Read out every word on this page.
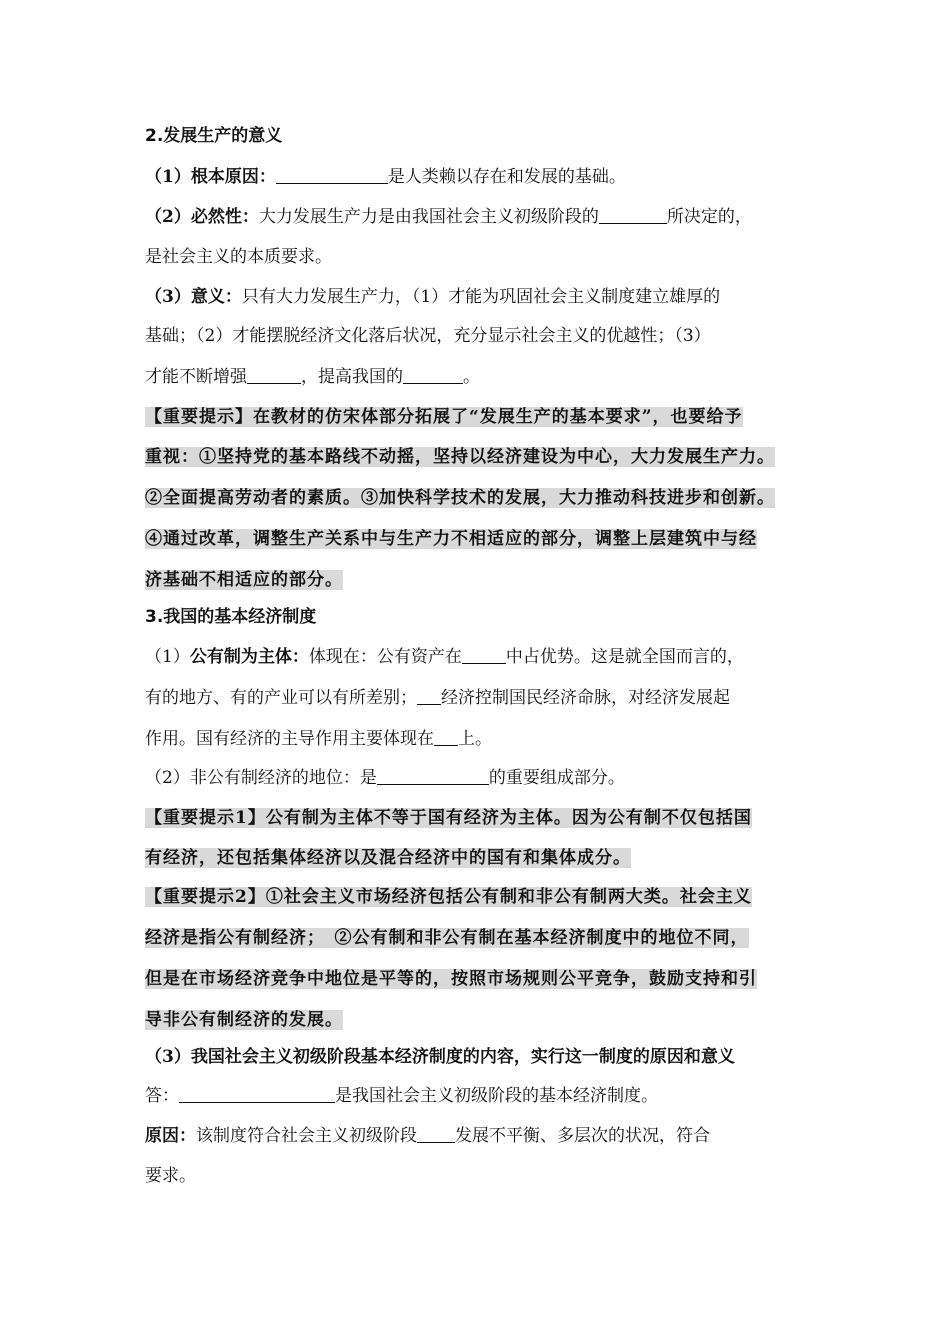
2.发展生产的意义
（1）根本原因：	是人类赖以存在和发展的基础。
（2）必然性：大力发展生产力是由我国社会主义初级阶段的	所决定的，
是社会主义的本质要求。
（3）意义：只有大力发展生产力，（1）才能为巩固社会主义制度建立雄厚的
基础；（2）才能摆脱经济文化落后状况，充分显示社会主义的优越性；（3）
才能不断增强	，提高我国的	。
【重要提示】在教材的仿宋体部分拓展了“发展生产的基本要求”，也要给予
重视：①坚持党的基本路线不动摇，坚持以经济建设为中心，大力发展生产力。
②全面提高劳动者的素质。③加快科学技术的发展，大力推动科技进步和创新。
④通过改革，调整生产关系中与生产力不相适应的部分，调整上层建筑中与经
济基础不相适应的部分。
3.我国的基本经济制度
（1）公有制为主体：体现在：公有资产在	中占优势。这是就全国而言的，
有的地方、有的产业可以有所差别； 经济控制国民经济命脉，对经济发展起
作用。国有经济的主导作用主要体现在 上。
（2）非公有制经济的地位：是	的重要组成部分。
【重要提示1】公有制为主体不等于国有经济为主体。因为公有制不仅包括国
有经济，还包括集体经济以及混合经济中的国有和集体成分。
【重要提示2】①社会主义市场经济包括公有制和非公有制两大类。社会主义
经济是指公有制经济；　②公有制和非公有制在基本经济制度中的地位不同，
但是在市场经济竞争中地位是平等的，按照市场规则公平竞争，鼓励支持和引
导非公有制经济的发展。
（3）我国社会主义初级阶段基本经济制度的内容，实行这一制度的原因和意义
答：	是我国社会主义初级阶段的基本经济制度。
原因：该制度符合社会主义初级阶段 发展不平衡、多层次的状况，符合
要求。
